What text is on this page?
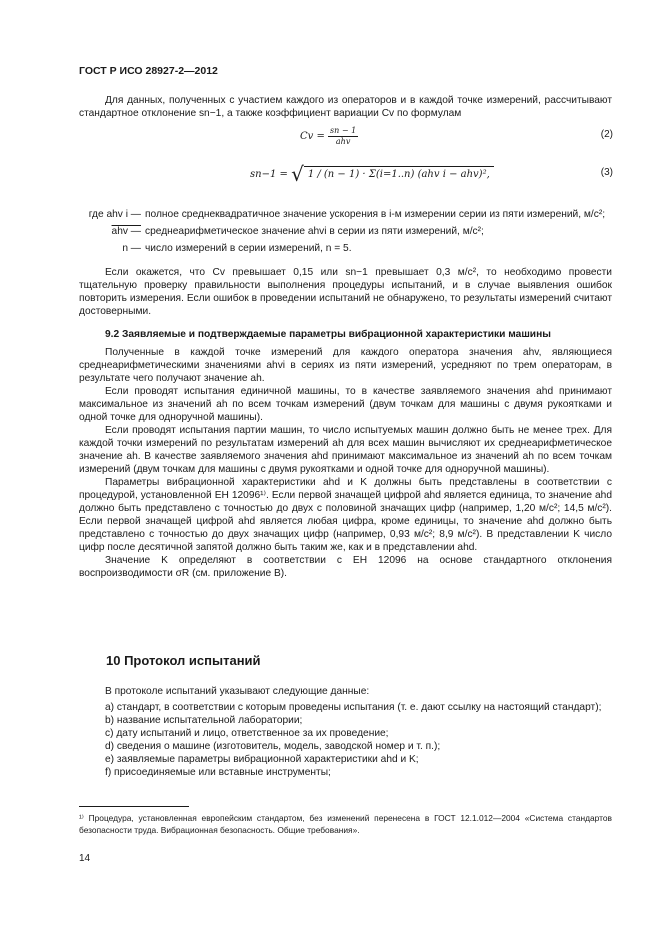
ГОСТ Р ИСО 28927-2—2012

Для данных, полученных с участием каждого из операторов и в каждой точке измерений, рассчитывают стандартное отклонение sn−1, а также коэффициент вариации Cv по формулам

$Cv = \frac{sn - 1}{\text{ahv}}$	(2)
sn−1 = √ 1 / (n − 1) · Σ(i=1..n) (ahv i − ahv)²,	(3)
где ahv i — полное среднеквадратичное значение ускорения в i-м измерении серии из пяти измерений, м/с²;
ahv — среднеарифметическое значение ahvi в серии из пяти измерений, м/с²;
n — число измерений в серии измерений, n = 5.

Если окажется, что Cv превышает 0,15 или sn−1 превышает 0,3 м/с², то необходимо провести тщательную проверку правильности выполнения процедуры испытаний, и в случае выявления ошибок повторить измерения. Если ошибок в проведении испытаний не обнаружено, то результаты измерений считают достоверными.

9.2 Заявляемые и подтверждаемые параметры вибрационной характеристики машины

Полученные в каждой точке измерений для каждого оператора значения ahv, являющиеся среднеарифметическими значениями ahvi в сериях из пяти измерений, усредняют по трем операторам, в результате чего получают значение ah.

Если проводят испытания единичной машины, то в качестве заявляемого значения ahd принимают максимальное из значений ah по всем точкам измерений (двум точкам для машины с двумя рукоятками и одной точке для одноручной машины).

Если проводят испытания партии машин, то число испытуемых машин должно быть не менее трех. Для каждой точки измерений по результатам измерений ah для всех машин вычисляют их среднеарифметическое значение ah. В качестве заявляемого значения ahd принимают максимальное из значений ah по всем точкам измерений (двум точкам для машины с двумя рукоятками и одной точке для одноручной машины).

Параметры вибрационной характеристики ahd и K должны быть представлены в соответствии с процедурой, установленной ЕН 12096¹⁾. Если первой значащей цифрой ahd является единица, то значение ahd должно быть представлено с точностью до двух с половиной значащих цифр (например, 1,20 м/с²; 14,5 м/с²). Если первой значащей цифрой ahd является любая цифра, кроме единицы, то значение ahd должно быть представлено с точностью до двух значащих цифр (например, 0,93 м/с²; 8,9 м/с²). В представлении K число цифр после десятичной запятой должно быть таким же, как и в представлении ahd.

Значение K определяют в соответствии с ЕН 12096 на основе стандартного отклонения воспроизводимости σR (см. приложение В).

10 Протокол испытаний

В протоколе испытаний указывают следующие данные:

a) стандарт, в соответствии с которым проведены испытания (т. е. дают ссылку на настоящий стандарт);

b) название испытательной лаборатории;

c) дату испытаний и лицо, ответственное за их проведение;

d) сведения о машине (изготовитель, модель, заводской номер и т. п.);

e) заявляемые параметры вибрационной характеристики ahd и K;

f) присоединяемые или вставные инструменты;

¹⁾ Процедура, установленная европейским стандартом, без изменений перенесена в ГОСТ 12.1.012—2004 «Система стандартов безопасности труда. Вибрационная безопасность. Общие требования».
14
